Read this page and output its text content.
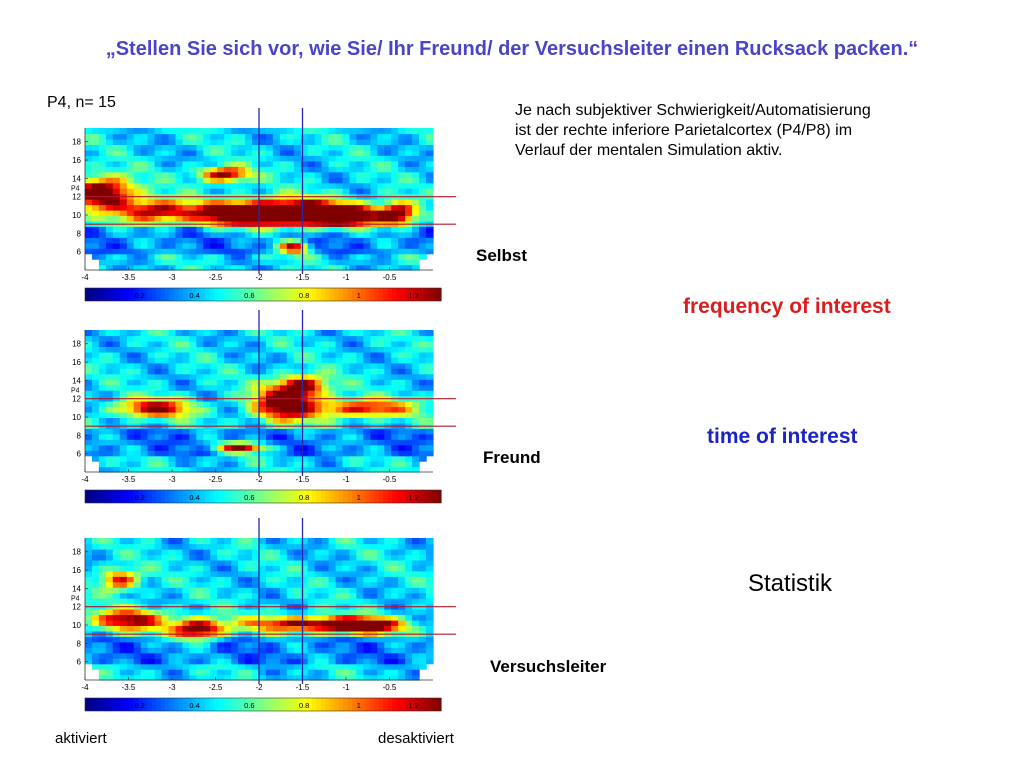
„Stellen Sie sich vor, wie Sie/ Ihr Freund/ der Versuchsleiter einen Rucksack packen.“
P4, n= 15	Je nach subjektiver Schwierigkeit/Automatisierung
ist der rechte inferiore Parietalcortex (P4/P8) im
Verlauf der mentalen Simulation aktiv.
18
16
14
12
10
8
6
P4
-4	-3.5	-3	-2.5	-2	-1.5	-1	-0.5
0.2	0.4	0.6	0.8	1	1.2
18
16
14
12
10
8
6
P4
-4	-3.5	-3	-2.5	-2	-1.5	-1	-0.5
0.2	0.4	0.6	0.8	1	1.2
18
16
14
12
10
8
6
P4
-4	-3.5	-3	-2.5	-2	-1.5	-1	-0.5
0.2	0.4	0.6	0.8	1	1.2
Selbst
Freund
Versuchsleiter
frequency of interest
time of interest
Statistik
aktiviert	desaktiviert
